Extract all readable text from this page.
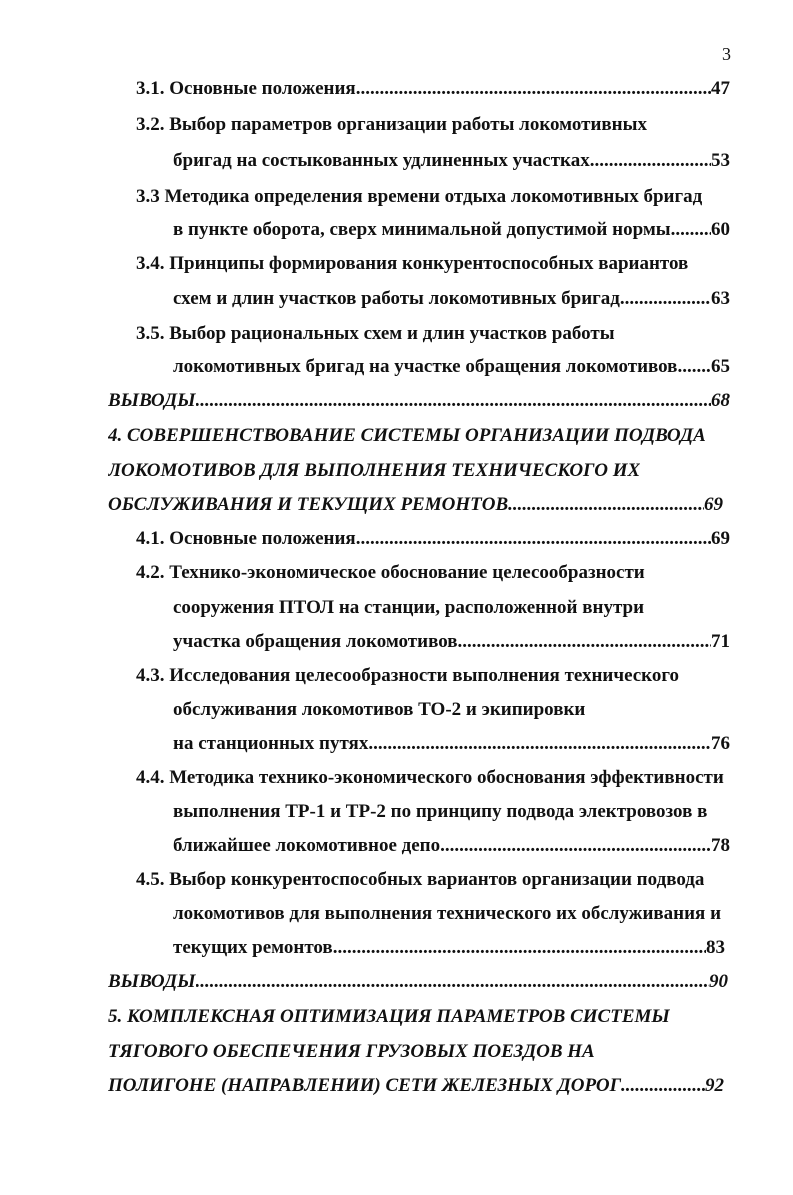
3
3.1. Основные положения .....	47
3.2. Выбор параметров организации работы локомотивных
бригад на состыкованных удлиненных участках .....	53
3.3 Методика определения времени отдыха локомотивных бригад
в пункте оборота, сверх минимальной допустимой нормы ..... 60
3.4. Принципы формирования конкурентоспособных вариантов
схем и длин участков работы локомотивных бригад .....	63
3.5. Выбор рациональных схем и длин участков работы
локомотивных бригад на участке обращения локомотивов ..... 65
ВЫВОДЫ .....	68
4. СОВЕРШЕНСТВОВАНИЕ СИСТЕМЫ ОРГАНИЗАЦИИ ПОДВОДА
ЛОКОМОТИВОВ ДЛЯ ВЫПОЛНЕНИЯ ТЕХНИЧЕСКОГО ИХ
ОБСЛУЖИВАНИЯ И ТЕКУЩИХ РЕМОНТОВ .....	69
4.1. Основные положения .....	69
4.2. Технико-экономическое обоснование целесообразности
сооружения ПТОЛ на станции, расположенной внутри
участка обращения локомотивов .....	71
4.3. Исследования целесообразности выполнения технического
обслуживания локомотивов ТО-2 и экипировки
на станционных путях .....	76
4.4. Методика технико-экономического обоснования эффективности
выполнения ТР-1 и ТР-2 по принципу подвода электровозов в
ближайшее локомотивное депо .....	78
4.5. Выбор конкурентоспособных вариантов организации подвода
локомотивов для выполнения технического их обслуживания и
текущих ремонтов .....	83
ВЫВОДЫ .....	90
5. КОМПЛЕКСНАЯ ОПТИМИЗАЦИЯ ПАРАМЕТРОВ СИСТЕМЫ
ТЯГОВОГО ОБЕСПЕЧЕНИЯ ГРУЗОВЫХ ПОЕЗДОВ НА
ПОЛИГОНЕ (НАПРАВЛЕНИИ) СЕТИ ЖЕЛЕЗНЫХ ДОРОГ .....	92
